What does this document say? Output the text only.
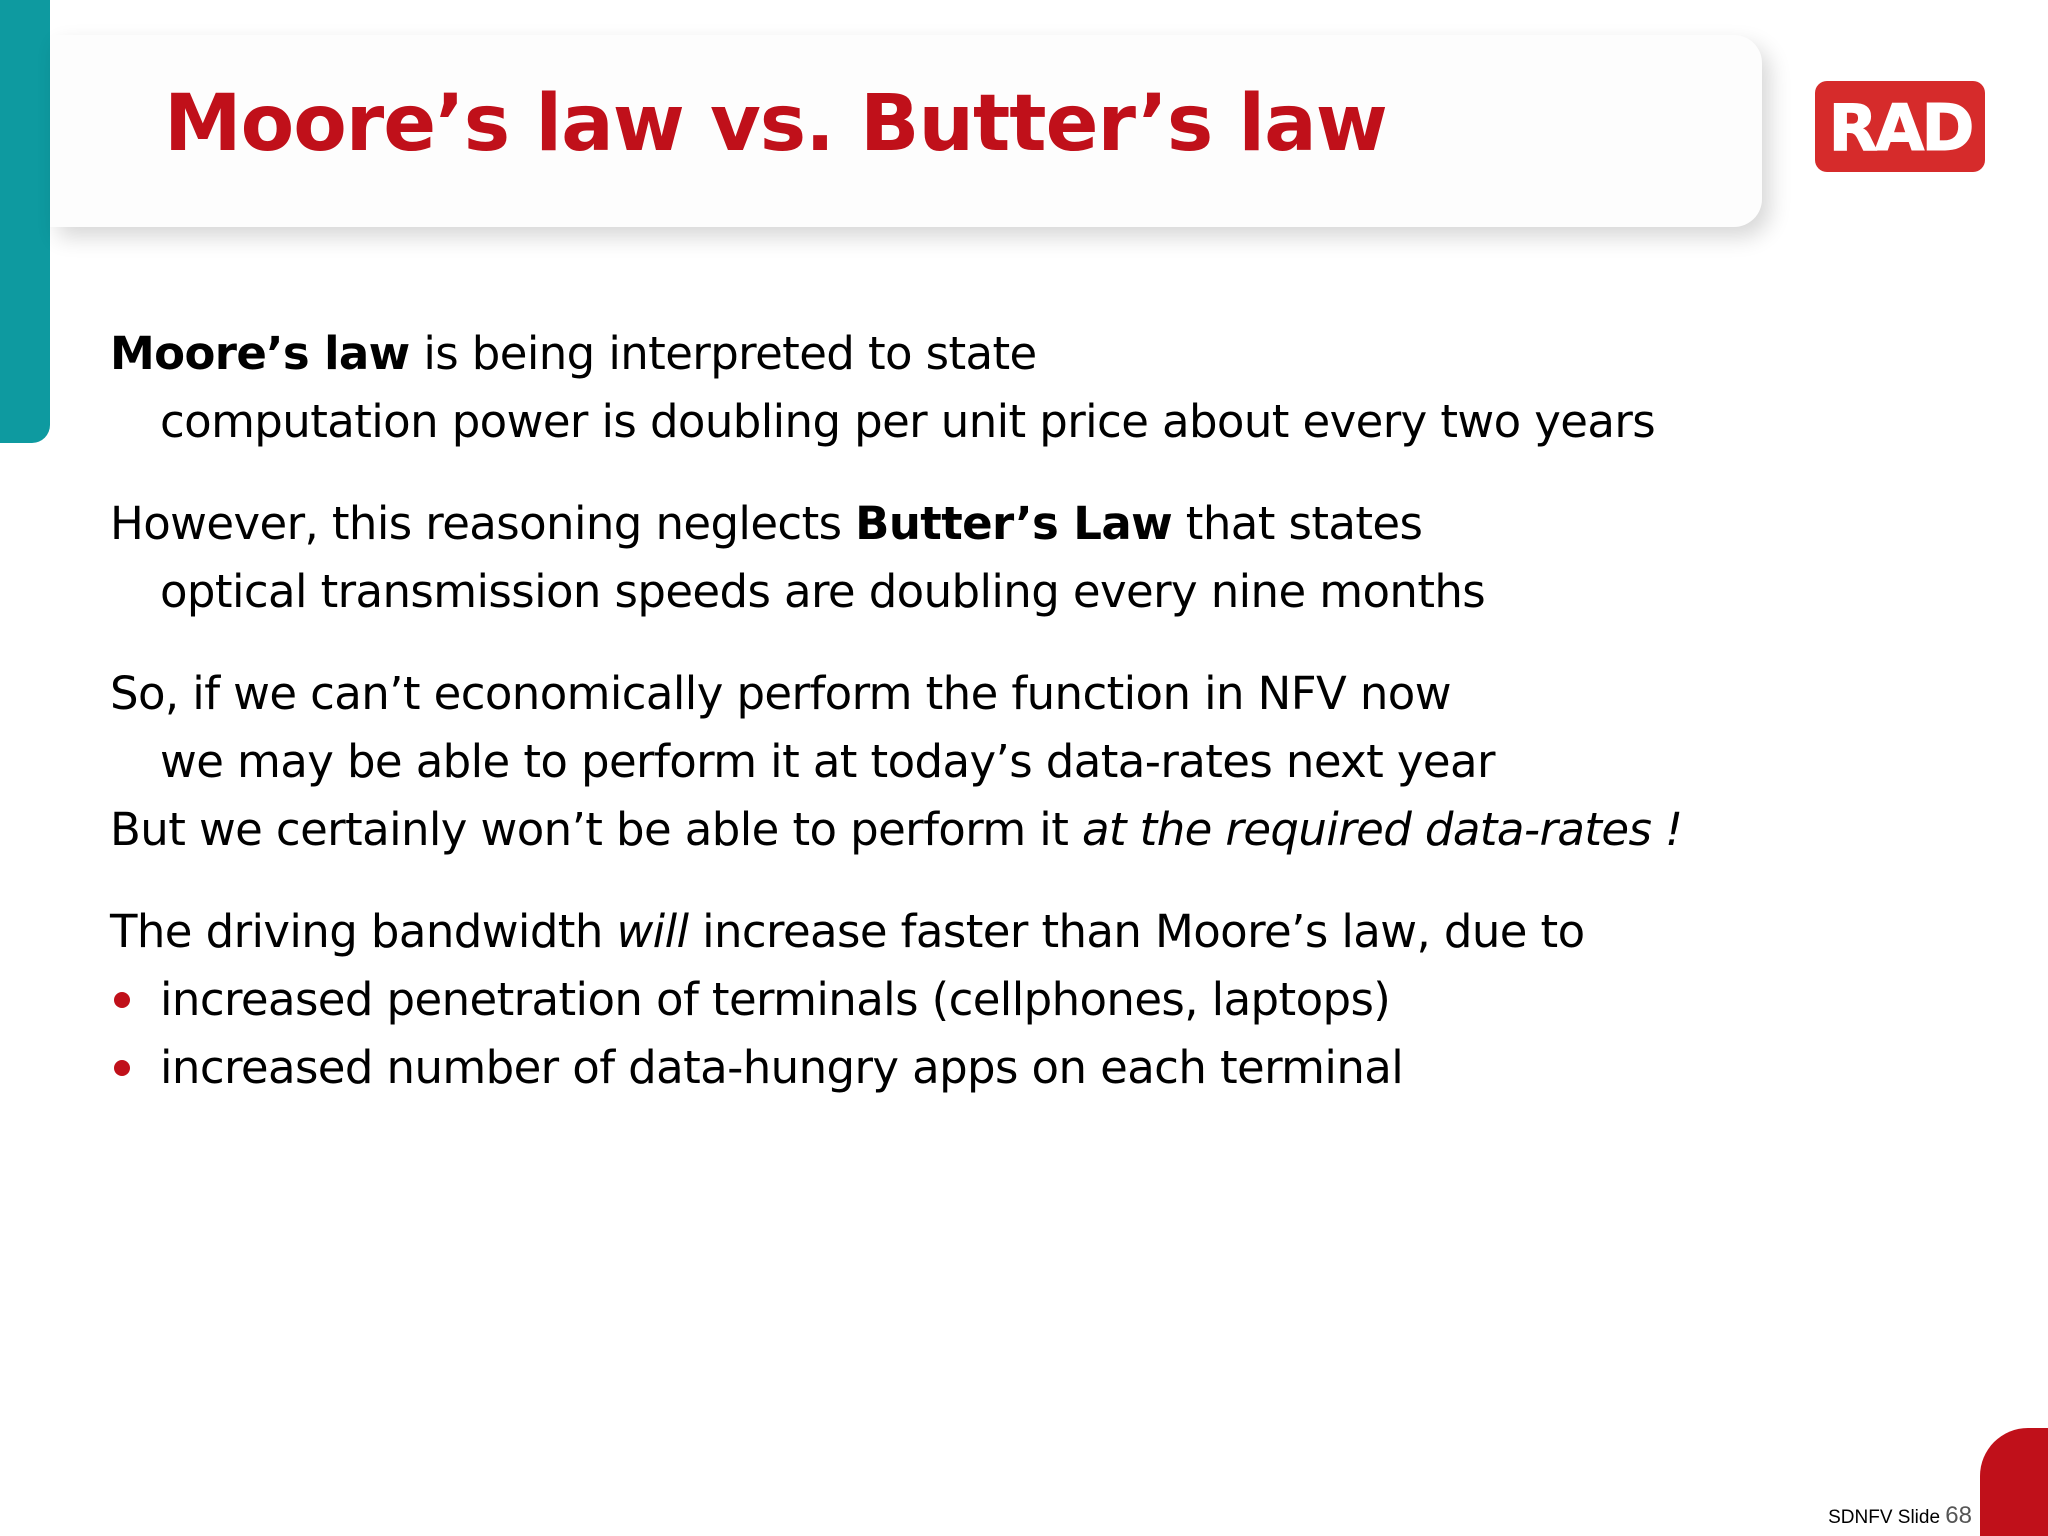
Moore’s law vs. Butter’s law	RAD
Moore’s law is being interpreted to state
computation power is doubling per unit price about every two years
However, this reasoning neglects Butter’s Law that states
optical transmission speeds are doubling every nine months
So, if we can’t economically perform the function in NFV now
we may be able to perform it at today’s data-rates next year
But we certainly won’t be able to perform it at the required data-rates !
The driving bandwidth will increase faster than Moore’s law, due to
increased penetration of terminals (cellphones, laptops)
increased number of data-hungry apps on each terminal
SDNFV Slide 68
